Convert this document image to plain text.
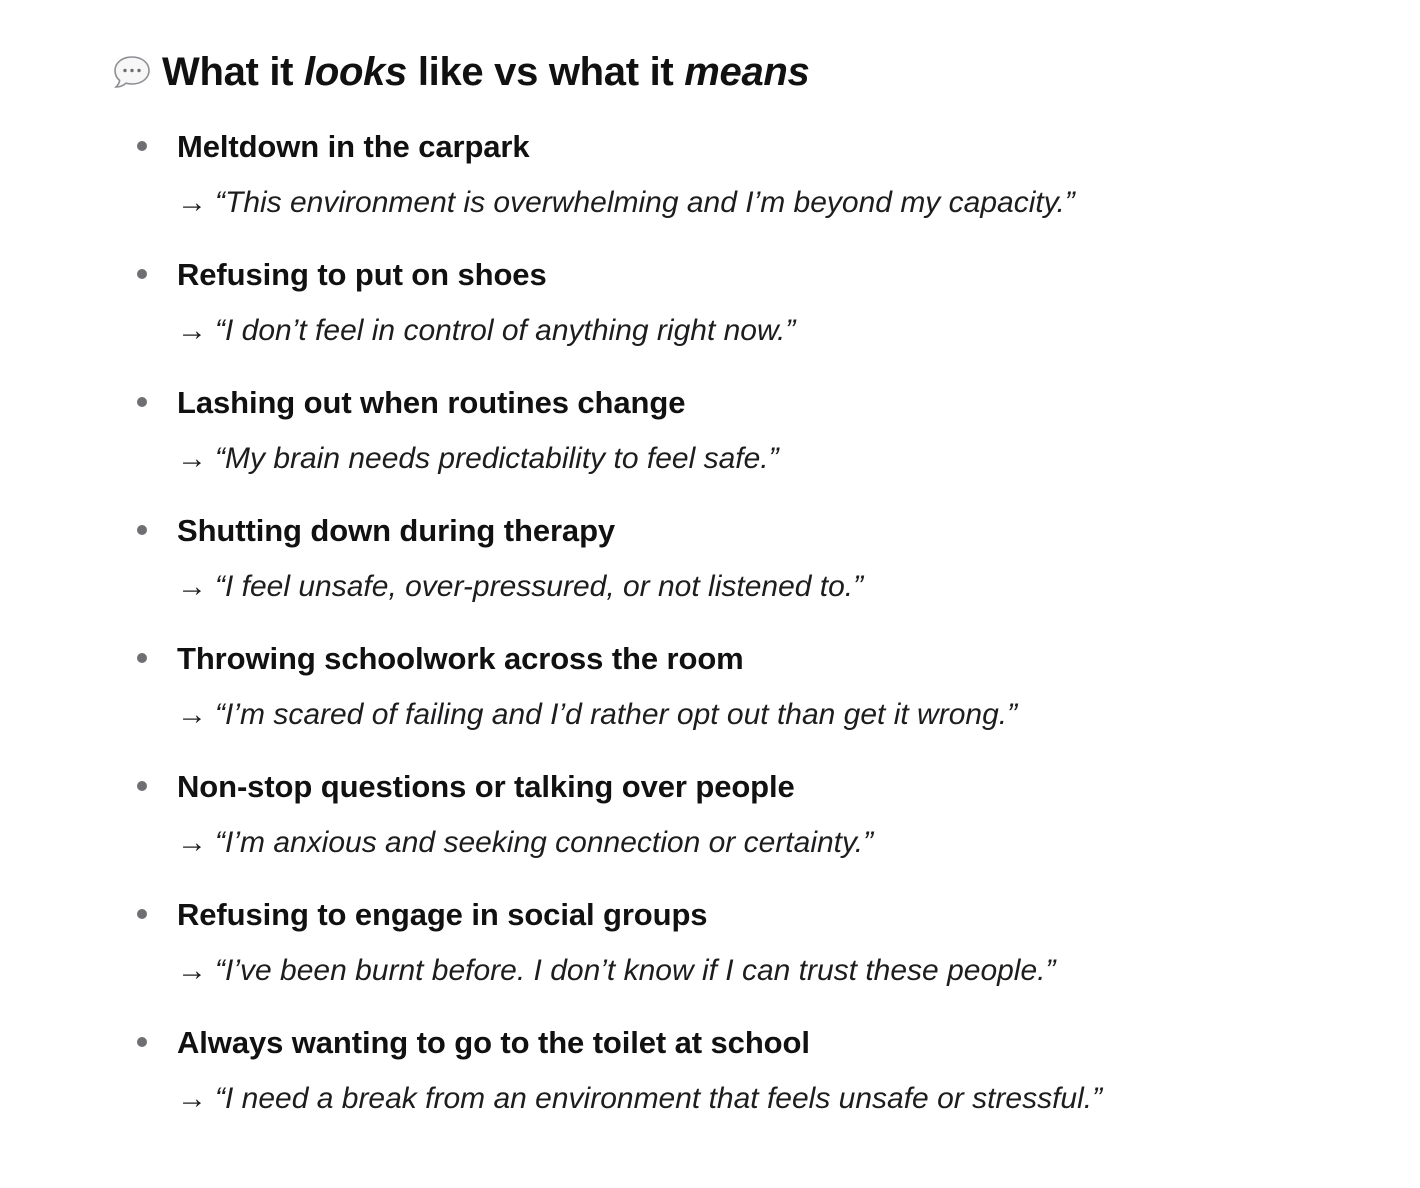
What it looks like vs what it means
Meltdown in the carpark
→ “This environment is overwhelming and I’m beyond my capacity.”
Refusing to put on shoes
→ “I don’t feel in control of anything right now.”
Lashing out when routines change
→ “My brain needs predictability to feel safe.”
Shutting down during therapy
→ “I feel unsafe, over-pressured, or not listened to.”
Throwing schoolwork across the room
→ “I’m scared of failing and I’d rather opt out than get it wrong.”
Non-stop questions or talking over people
→ “I’m anxious and seeking connection or certainty.”
Refusing to engage in social groups
→ “I’ve been burnt before. I don’t know if I can trust these people.”
Always wanting to go to the toilet at school
→ “I need a break from an environment that feels unsafe or stressful.”
